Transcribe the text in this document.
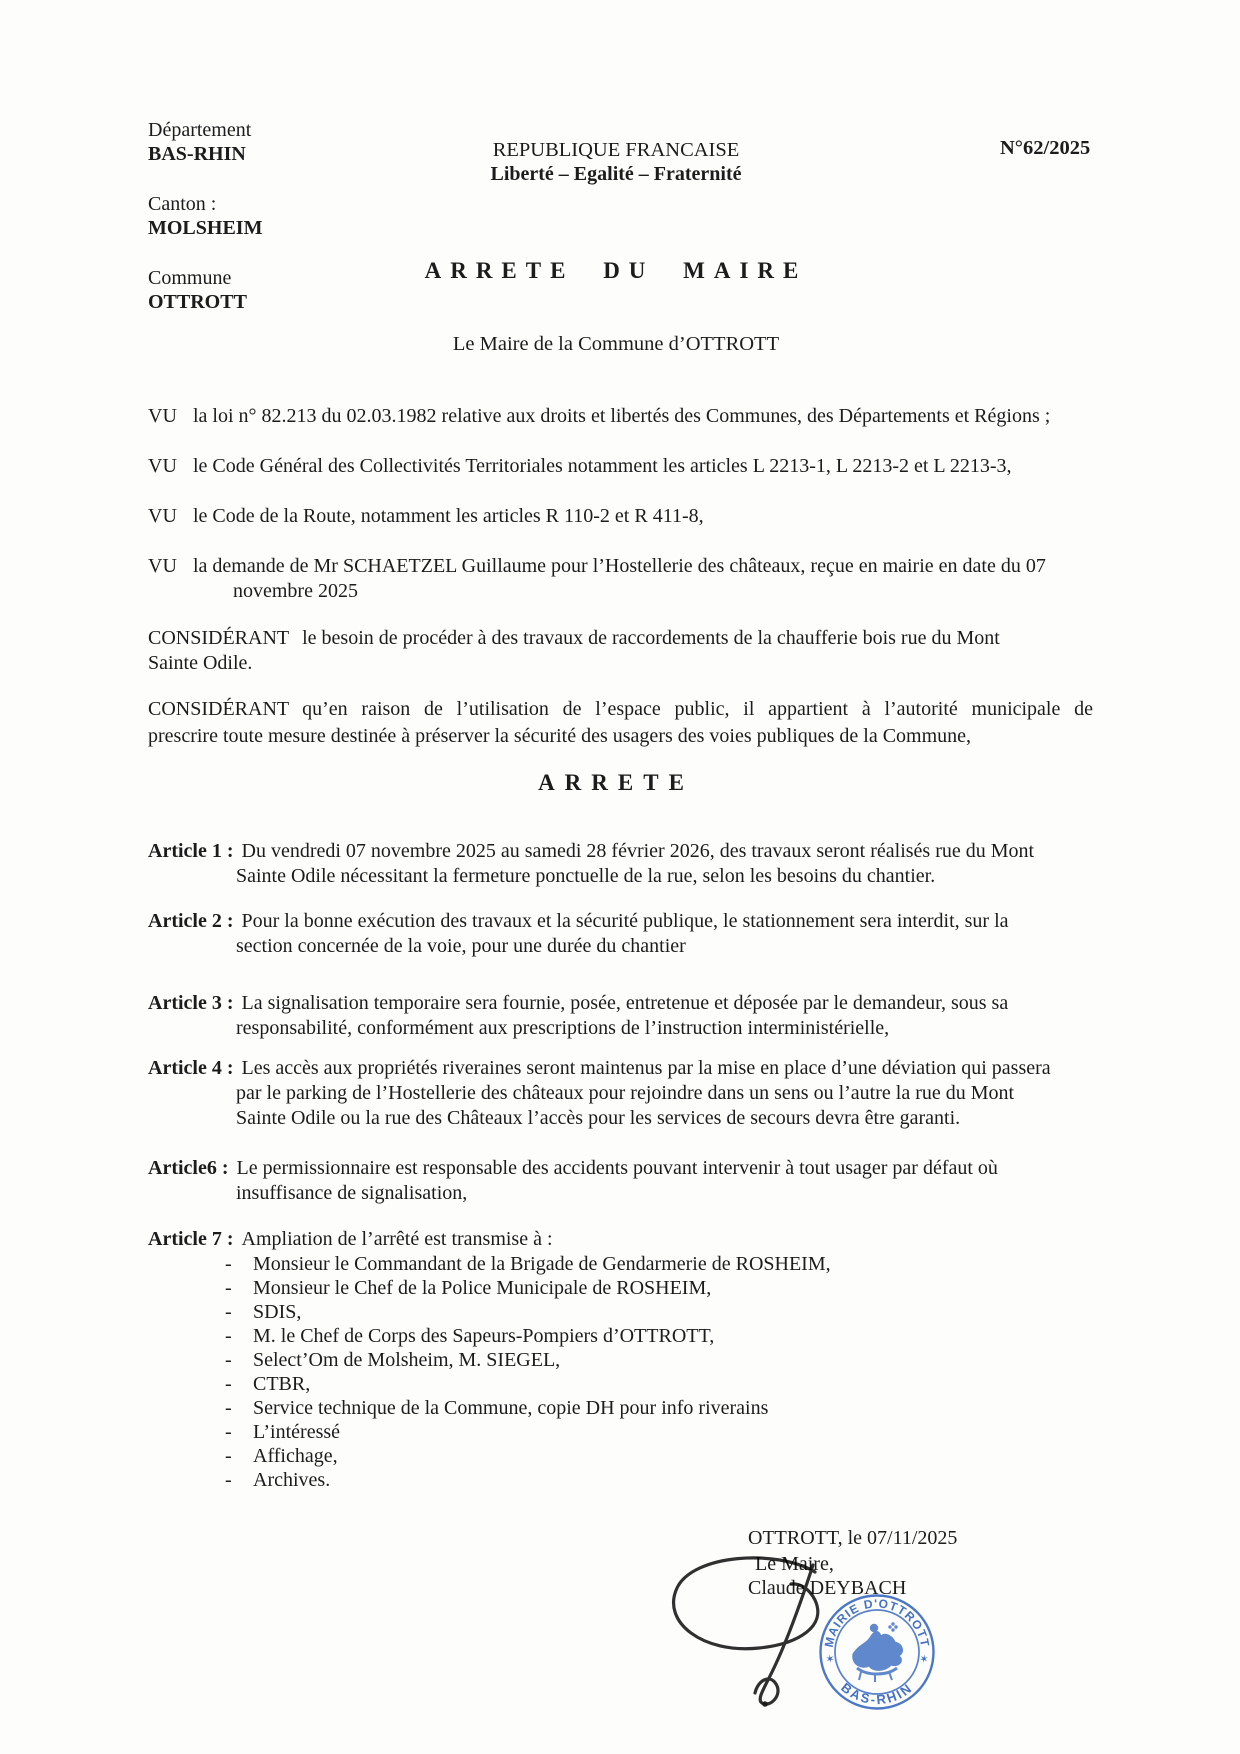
Département
BAS-RHIN
Canton :
MOLSHEIM
Commune
OTTROTT
REPUBLIQUE FRANCAISE
Liberté – Egalité – Fraternité
N°62/2025
ARRETE DU MAIRE
Le Maire de la Commune d’OTTROTT
VU la loi n° 82.213 du 02.03.1982 relative aux droits et libertés des Communes, des Départements et Régions ;
VU le Code Général des Collectivités Territoriales notamment les articles L 2213-1, L 2213-2 et L 2213-3,
VU le Code de la Route, notamment les articles R 110-2 et R 411-8,
VU la demande de Mr SCHAETZEL Guillaume pour l’Hostellerie des châteaux, reçue en mairie en date du 07
novembre 2025
CONSIDÉRANT le besoin de procéder à des travaux de raccordements de la chaufferie bois rue du Mont
Sainte Odile.
CONSIDÉRANT qu’en raison de l’utilisation de l’espace public, il appartient à l’autorité municipale de
prescrire toute mesure destinée à préserver la sécurité des usagers des voies publiques de la Commune,
ARRETE
Article 1 : Du vendredi 07 novembre 2025 au samedi 28 février 2026, des travaux seront réalisés rue du Mont
Sainte Odile nécessitant la fermeture ponctuelle de la rue, selon les besoins du chantier.
Article 2 : Pour la bonne exécution des travaux et la sécurité publique, le stationnement sera interdit, sur la
section concernée de la voie, pour une durée du chantier
Article 3 : La signalisation temporaire sera fournie, posée, entretenue et déposée par le demandeur, sous sa
responsabilité, conformément aux prescriptions de l’instruction interministérielle,
Article 4 : Les accès aux propriétés riveraines seront maintenus par la mise en place d’une déviation qui passera
par le parking de l’Hostellerie des châteaux pour rejoindre dans un sens ou l’autre la rue du Mont
Sainte Odile ou la rue des Châteaux l’accès pour les services de secours devra être garanti.
Article6 : Le permissionnaire est responsable des accidents pouvant intervenir à tout usager par défaut où
insuffisance de signalisation,
Article 7 : Ampliation de l’arrêté est transmise à :
- Monsieur le Commandant de la Brigade de Gendarmerie de ROSHEIM,
- Monsieur le Chef de la Police Municipale de ROSHEIM,
- SDIS,
- M. le Chef de Corps des Sapeurs-Pompiers d’OTTROTT,
- Select’Om de Molsheim, M. SIEGEL,
- CTBR,
- Service technique de la Commune, copie DH pour info riverains
- L’intéressé
- Affichage,
- Archives.
OTTROTT, le 07/11/2025
Le Maire,
Claude DEYBACH
MAIRIE D'OTTROTT
BAS-RHIN
✶	✶
